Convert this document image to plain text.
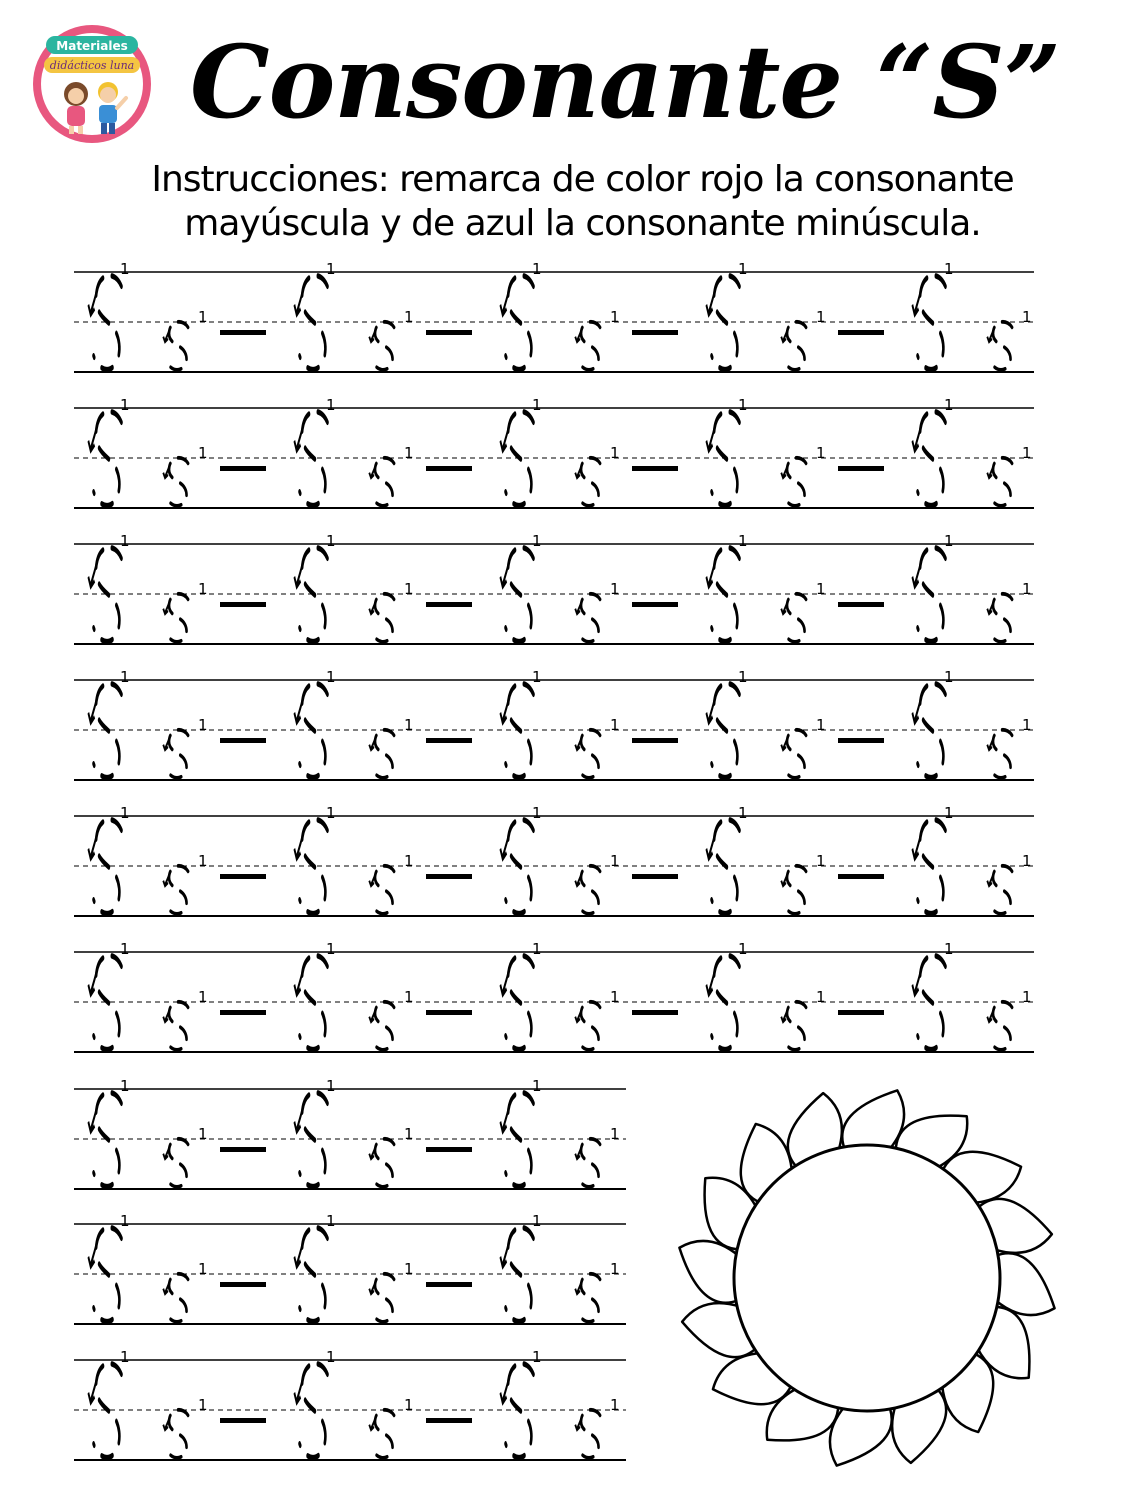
Materiales
didácticos luna Consonante “S”

Instrucciones: remarca de color rojo la consonante
mayúscula y de azul la consonante minúscula.

1
1
1
1
1
1
1
1
1
1
1
1
1
1
1
1
1
1
1
1
1
1
1
1
1
1
1
1
1
1
1
1
1
1
1
1
1
1
1
1
1
1
1
1
1
1
1
1
1
1
1
1
1
1
1
1
1
1
1
1
1
1
1
1
1
1
1
1
1
1
1
1
1
1
1
1
1
1
